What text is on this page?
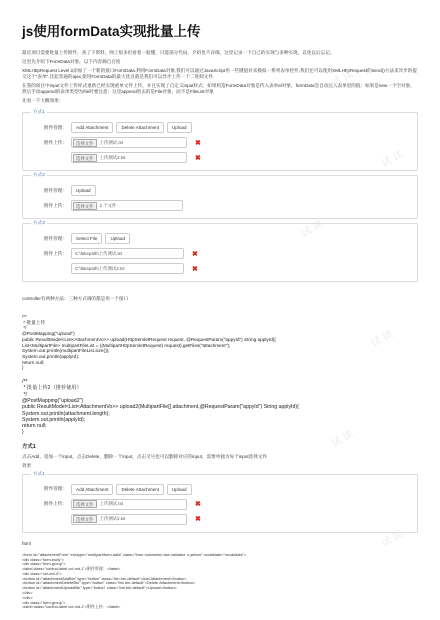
试 读
试 读
试 读
试 读
试 读
试 读
js使用formData实现批量上传

最近项目需要批量上传附件，查了下资料，网上很多但看着一般懂，只能部分代码，介绍也不详细，这里记录一下自己的实现与多种实现，以免以后忘记。

这里先介绍下FormData对象，以下内容摘自百度

XMLHttpRequest Level 2添加了一个新的接口FormData.利用FormData对象,我们可以通过JavaScript用一些键值对来模拟一系列表单控件,我们还可以使用XMLHttpRequest的send()方法来异步的提交这个"表单".比起普通的ajax,使用FormData的最大优点就是我们可以异步上传一个二进制文件.

在我的项目中input文件上传样式重新已经实现重单文件上传，并且实现了自定义input样式；如果构造FormData对象是传入表单el对象，formData会自动注入表单里的值；如果是new一个空对象，然后手动append的表单类型为file时要注意：这里append进去的是File对象，而不是FileList对象

先看一下大概效果：

方式1
附件管理：	Add Attachment	Delete Attachment	Upload
附件上传：	选择文件	上传测试.txt	✖
选择文件	上传测试2.txt	✖
方式2
附件管理：	Upload
附件上传：	选择文件	2 个文件
方式3
附件管理：	Select File	Upload
附件上传：	C:\fakepath\上传测试.txt	✖
C:\fakepath\上传测试2.txt	✖

controller有两种方法：三种方式调的都是用一个接口

/**
* 批量上传
*/
@PostMapping("upload")
public ResultModel<List<AttachmentVo>> upload(HttpServletRequest request, @RequestParam("appyId") String applyId){
List<MultipartFile> multipartFileList = ((MultipartHttpServletRequest) request).getFiles("attachment");
System.out.println(multipartFileList.size());
System.out.println(applyId);
return null;
}
/**
* 批量上传2（推荐使用）
*/
@PostMapping("upload2")
public ResultModel<List<AttachmentVo>> upload2(MultipartFile[] attachment,@RequestParam("appyId") String applyId){
System.out.println(attachment.length);
System.out.println(applyId);
return null;
}
方式1

点击Add，追加一个input，点击Delete，删除一个input，点击叉号也可以删除对应的input，需要单独为每个input选择文件

效果

方式1
附件管理：	Add Attachment	Delete Attachment	Upload
附件上传：	选择文件	上传测试.txt	✖
选择文件	上传测试2.txt	✖

html

<form id="attachmentForm" enctype="multipart/form-data" class="form-horizontal nice-validator n-yellow" novalidate="novalidate">
<div class="form-body">
<div class="form-group">
<label class="control-label col-md-1">附件管理：</label>
<div class="col-md-4">
<button id="attachmentAddBtn" type="button" class="btn btn-default">Add Attachment</button>
<button id="attachmentDeleteBtn" type="button" class="btn btn-default">Delete Attachment</button>
<button id="attachmentUploadBtn" type="button" class="btn btn-default">Upload</button>
</div>
</div>
<div class="form-group">
<label class="control-label col-md-1">附件上传：</label>
